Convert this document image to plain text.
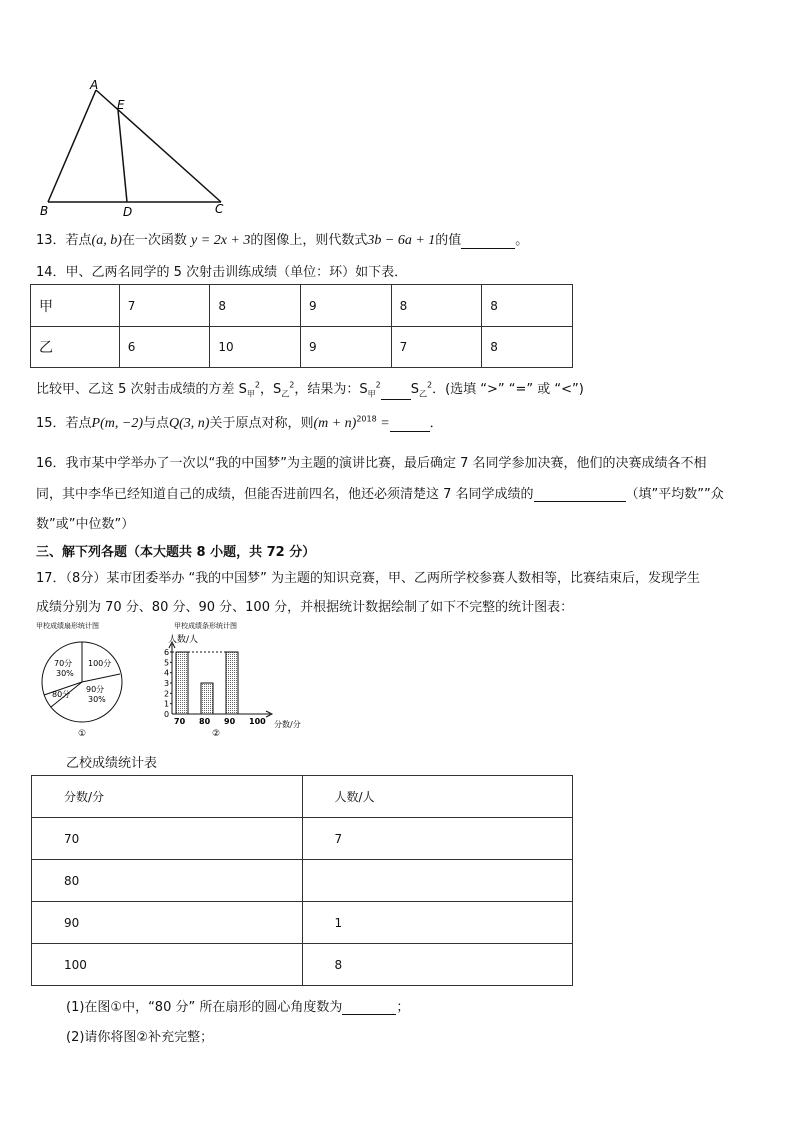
A
E
B	D	C
13．若点(a, b)在一次函数 y = 2x + 3的图像上，则代数式3b − 6a + 1的值	。
14．甲、乙两名同学的 5 次射击训练成绩（单位：环）如下表．
甲	7	8	9	8	8
乙	6	10	9	7	8
比较甲、乙这 5 次射击成绩的方差 $S_甲^2$，$S_乙^2$，结果为：$S_甲^2$ $S_乙^2$．(选填 “>” “=” 或 “<”)
15．若点P(m, −2)与点Q(3, n)关于原点对称，则$(m + n)^{2018}$ =	．
16．我市某中学举办了一次以“我的中国梦”为主题的演讲比赛，最后确定 7 名同学参加决赛，他们的决赛成绩各不相
同，其中李华已经知道自己的成绩，但能否进前四名，他还必须清楚这 7 名同学成绩的	（填”平均数””众
数”或”中位数”）
三、解下列各题（本大题共 8 小题，共 72 分）
17．（8分）某市团委举办 “我的中国梦” 为主题的知识竞赛，甲、乙两所学校参赛人数相等，比赛结束后，发现学生
成绩分别为 70 分、80 分、90 分、100 分，并根据统计数据绘制了如下不完整的统计图表：
甲校成绩扇形统计图
70分
30%
100分
90分
30%
80分
①
甲校成绩条形统计图
人数/人
分数/分
②
0
1
2
3
4
5
6
70 80 90 100
乙校成绩统计表
分数/分	人数/人
70	7
80	
90	1
100	8
(1)在图①中，“80 分” 所在扇形的圆心角度数为	；
(2)请你将图②补充完整；
